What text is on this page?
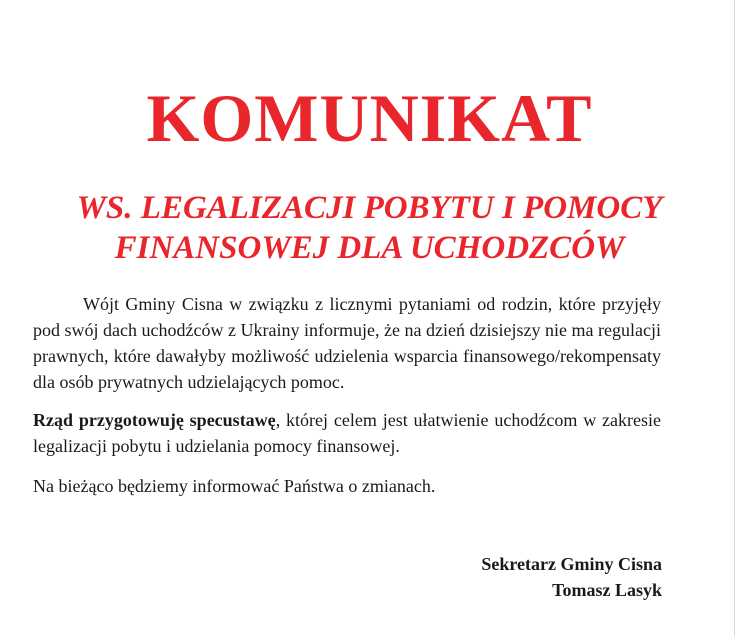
KOMUNIKAT
WS. LEGALIZACJI POBYTU I POMOCY
FINANSOWEJ DLA UCHODZCÓW
Wójt Gminy Cisna w związku z licznymi pytaniami od rodzin, które przyjęły pod swój dach uchodźców z Ukrainy informuje, że na dzień dzisiejszy nie ma regulacji prawnych, które dawałyby możliwość udzielenia wsparcia finansowego/rekompensaty dla osób prywatnych udzielających pomoc.
Rząd przygotowuję specustawę, której celem jest ułatwienie uchodźcom w zakresie legalizacji pobytu i udzielania pomocy finansowej.
Na bieżąco będziemy informować Państwa o zmianach.
Sekretarz Gminy Cisna
Tomasz Lasyk
